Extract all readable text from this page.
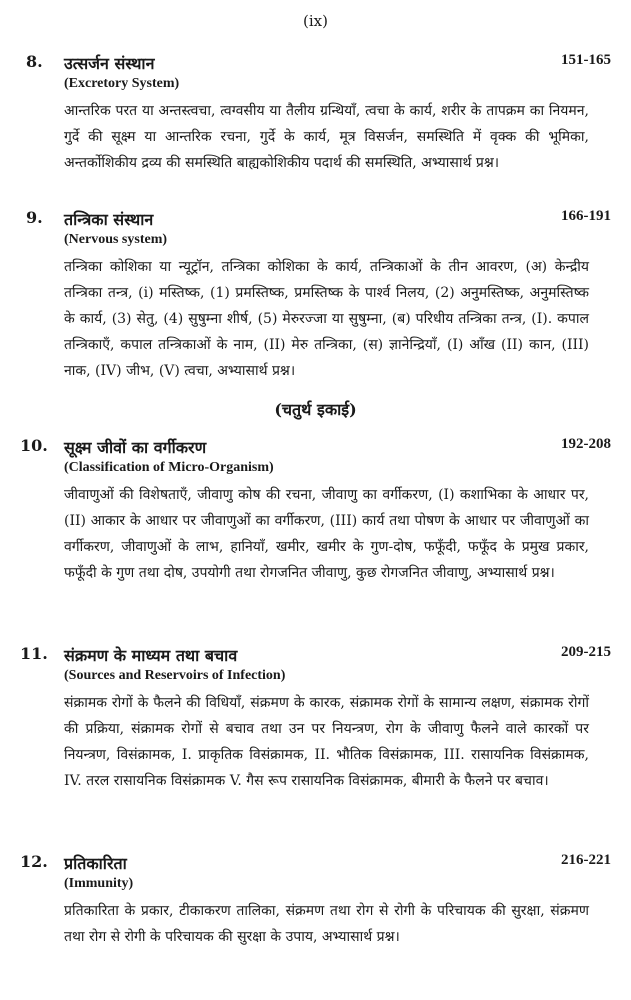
(ix)
8. उत्सर्जन संस्थान	151-165
(Excretory System)
आन्तरिक परत या अन्तस्त्वचा, त्वग्वसीय या तैलीय ग्रन्थियाँ, त्वचा के कार्य, शरीर के तापक्रम का नियमन, गुर्दे की सूक्ष्म या आन्तरिक रचना, गुर्दे के कार्य, मूत्र विसर्जन, समस्थिति में वृक्क की भूमिका, अन्तर्कोशिकीय द्रव्य की समस्थिति बाह्यकोशिकीय पदार्थ की समस्थिति, अभ्यासार्थ प्रश्न।
9. तन्त्रिका संस्थान	166-191
(Nervous system)
तन्त्रिका कोशिका या न्यूट्रॉन, तन्त्रिका कोशिका के कार्य, तन्त्रिकाओं के तीन आवरण, (अ) केन्द्रीय तन्त्रिका तन्त्र, (i) मस्तिष्क, (1) प्रमस्तिष्क, प्रमस्तिष्क के पार्श्व निलय, (2) अनुमस्तिष्क, अनुमस्तिष्क के कार्य, (3) सेतु, (4) सुषुम्ना शीर्ष, (5) मेरुरज्जा या सुषुम्ना, (ब) परिधीय तन्त्रिका तन्त्र, (I). कपाल तन्त्रिकाएँ, कपाल तन्त्रिकाओं के नाम, (II) मेरु तन्त्रिका, (स) ज्ञानेन्द्रियाँ, (I) आँख (II) कान, (III) नाक, (IV) जीभ, (V) त्वचा, अभ्यासार्थ प्रश्न।
(चतुर्थ इकाई)
10. सूक्ष्म जीवों का वर्गीकरण	192-208
(Classification of Micro-Organism)
जीवाणुओं की विशेषताएँ, जीवाणु कोष की रचना, जीवाणु का वर्गीकरण, (I) कशाभिका के आधार पर, (II) आकार के आधार पर जीवाणुओं का वर्गीकरण, (III) कार्य तथा पोषण के आधार पर जीवाणुओं का वर्गीकरण, जीवाणुओं के लाभ, हानियाँ, खमीर, खमीर के गुण-दोष, फफूँदी, फफूँद के प्रमुख प्रकार, फफूँदी के गुण तथा दोष, उपयोगी तथा रोगजनित जीवाणु, कुछ रोगजनित जीवाणु, अभ्यासार्थ प्रश्न।
11. संक्रमण के माध्यम तथा बचाव	209-215
(Sources and Reservoirs of Infection)
संक्रामक रोगों के फैलने की विधियाँ, संक्रमण के कारक, संक्रामक रोगों के सामान्य लक्षण, संक्रामक रोगों की प्रक्रिया, संक्रामक रोगों से बचाव तथा उन पर नियन्त्रण, रोग के जीवाणु फैलने वाले कारकों पर नियन्त्रण, विसंक्रामक, I. प्राकृतिक विसंक्रामक, II. भौतिक विसंक्रामक, III. रासायनिक विसंक्रामक, IV. तरल रासायनिक विसंक्रामक V. गैस रूप रासायनिक विसंक्रामक, बीमारी के फैलने पर बचाव।
12. प्रतिकारिता	216-221
(Immunity)
प्रतिकारिता के प्रकार, टीकाकरण तालिका, संक्रमण तथा रोग से रोगी के परिचायक की सुरक्षा, संक्रमण तथा रोग से रोगी के परिचायक की सुरक्षा के उपाय, अभ्यासार्थ प्रश्न।
